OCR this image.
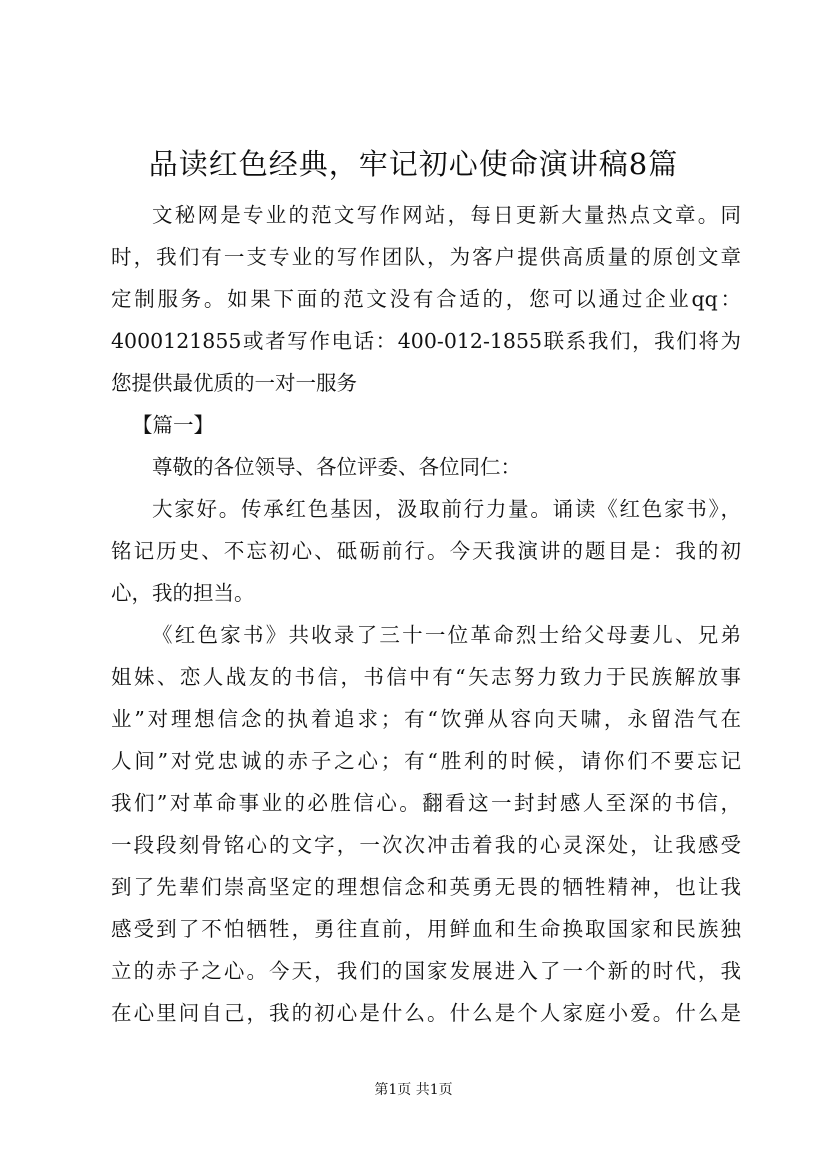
品读红色经典，牢记初心使命演讲稿8篇
文秘网是专业的范文写作网站，每日更新大量热点文章。同
时，我们有一支专业的写作团队，为客户提供高质量的原创文章
定制服务。如果下面的范文没有合适的，您可以通过企业qq：
4000121855或者写作电话：400-012-1855联系我们，我们将为
您提供最优质的一对一服务
【篇一】
尊敬的各位领导、各位评委、各位同仁：
大家好。传承红色基因，汲取前行力量。诵读《红色家书》，
铭记历史、不忘初心、砥砺前行。今天我演讲的题目是：我的初
心，我的担当。
《红色家书》共收录了三十一位革命烈士给父母妻儿、兄弟
姐妹、恋人战友的书信，书信中有“矢志努力致力于民族解放事
业”对理想信念的执着追求；有“饮弹从容向天啸，永留浩气在
人间”对党忠诚的赤子之心；有“胜利的时候，请你们不要忘记
我们”对革命事业的必胜信心。翻看这一封封感人至深的书信，
一段段刻骨铭心的文字，一次次冲击着我的心灵深处，让我感受
到了先辈们崇高坚定的理想信念和英勇无畏的牺牲精神，也让我
感受到了不怕牺牲，勇往直前，用鲜血和生命换取国家和民族独
立的赤子之心。今天，我们的国家发展进入了一个新的时代，我
在心里问自己，我的初心是什么。什么是个人家庭小爱。什么是
第1页 共1页
